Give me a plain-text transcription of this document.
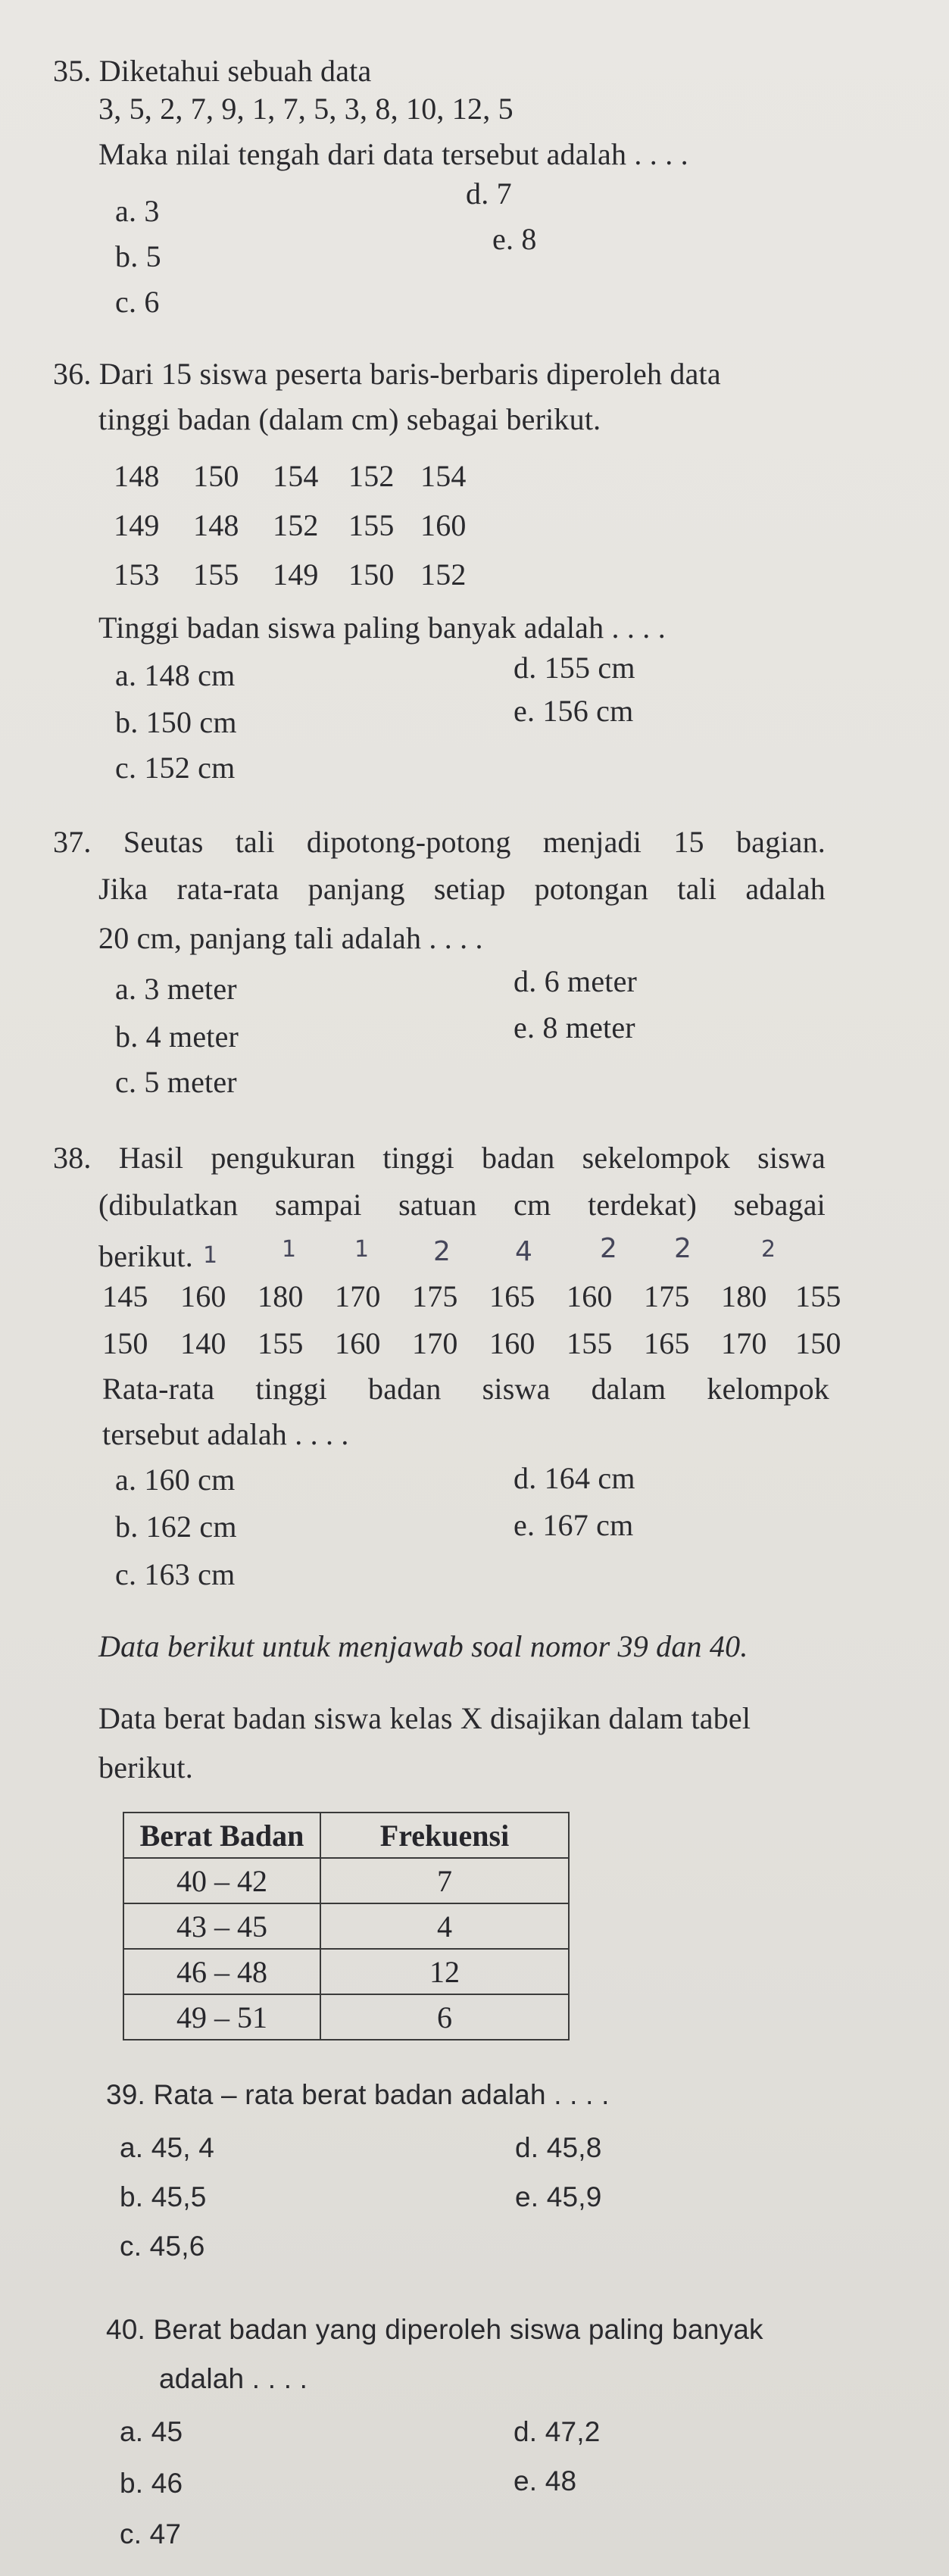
35. Diketahui sebuah data
3, 5, 2, 7, 9, 1, 7, 5, 3, 8, 10, 12, 5
Maka nilai tengah dari data tersebut adalah . . . .
a. 3
b. 5
c. 6
d. 7
e. 8
36. Dari 15 siswa peserta baris-berbaris diperoleh data
tinggi badan (dalam cm) sebagai berikut.
148 150 154 152 154
149 148 152 155 160
153 155 149 150 152
Tinggi badan siswa paling banyak adalah . . . .
a. 148 cm
b. 150 cm
c. 152 cm
d. 155 cm
e. 156 cm
37. Seutas tali dipotong-potong menjadi 15 bagian.
Jika rata-rata panjang setiap potongan tali adalah
20 cm, panjang tali adalah . . . .
a. 3 meter
b. 4 meter
c. 5 meter
d. 6 meter
e. 8 meter
38. Hasil pengukuran tinggi badan sekelompok siswa
(dibulatkan sampai satuan cm terdekat) sebagai
berikut. 1	1	1 2 4 2 2	2
145 160 180 170 175 165 160 175 180 155
150 140 155 160 170 160 155 165 170 150
Rata-rata tinggi badan siswa dalam kelompok
tersebut adalah . . . .
a. 160 cm
b. 162 cm
c. 163 cm
d. 164 cm
e. 167 cm
Data berikut untuk menjawab soal nomor 39 dan 40.
Data berat badan siswa kelas X disajikan dalam tabel
berikut.
Berat Badan	Frekuensi
40 – 42	7
43 – 45	4
46 – 48	12
49 – 51	6
39. Rata – rata berat badan adalah . . . .
a. 45, 4
b. 45,5
c. 45,6
d. 45,8
e. 45,9
40. Berat badan yang diperoleh siswa paling banyak
adalah . . . .
a. 45
b. 46
c. 47
d. 47,2
e. 48
